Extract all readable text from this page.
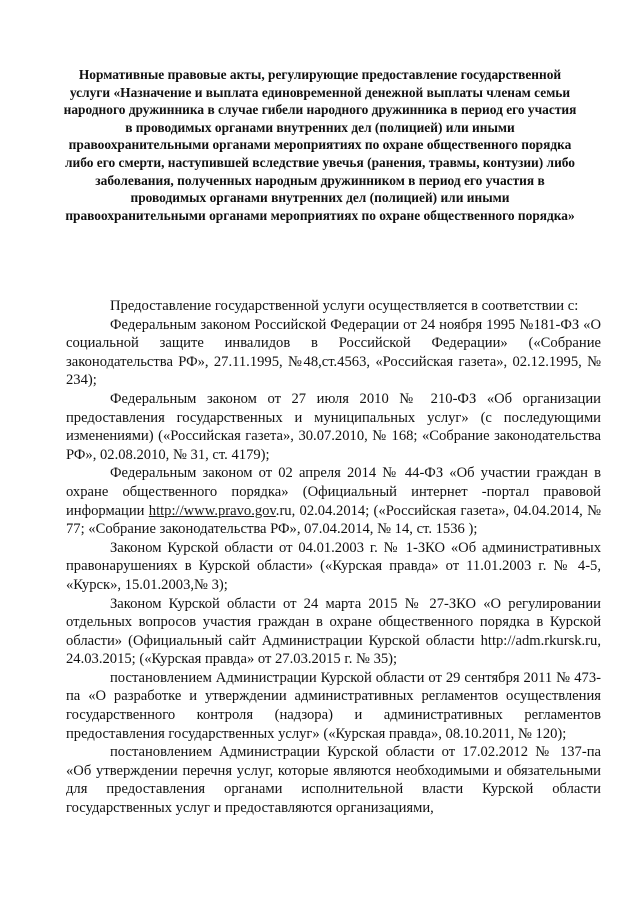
Нормативные правовые акты, регулирующие предоставление государственной услуги «Назначение и выплата единовременной денежной выплаты членам семьи народного дружинника в случае гибели народного дружинника в период его участия в проводимых органами внутренних дел (полицией) или иными правоохранительными органами мероприятиях по охране общественного порядка либо его смерти, наступившей вследствие увечья (ранения, травмы, контузии) либо заболевания, полученных народным дружинником в период его участия в проводимых органами внутренних дел (полицией) или иными правоохранительными органами мероприятиях по охране общественного порядка»

Предоставление государственной услуги осуществляется в соответствии с:

Федеральным законом Российской Федерации от 24 ноября 1995 №181-ФЗ «О социальной защите инвалидов в Российской Федерации» («Собрание законодательства РФ», 27.11.1995, №48,ст.4563, «Российская газета», 02.12.1995, № 234);

Федеральным законом от 27 июля 2010 № 210-ФЗ «Об организации предоставления государственных и муниципальных услуг» (с последующими изменениями) («Российская газета», 30.07.2010, № 168; «Собрание законодательства РФ», 02.08.2010, № 31, ст. 4179);

Федеральным законом от 02 апреля 2014 № 44-ФЗ «Об участии граждан в охране общественного порядка» (Официальный интернет -портал правовой информации http://www.pravo.gov.ru, 02.04.2014; («Российская газета», 04.04.2014, № 77; «Собрание законодательства РФ», 07.04.2014, № 14, ст. 1536 );

Законом Курской области от 04.01.2003 г. № 1-ЗКО «Об административных правонарушениях в Курской области» («Курская правда» от 11.01.2003 г. № 4-5, «Курск», 15.01.2003,№ 3);

Законом Курской области от 24 марта 2015 № 27-ЗКО «О регулировании отдельных вопросов участия граждан в охране общественного порядка в Курской области» (Официальный сайт Администрации Курской области http://adm.rkursk.ru, 24.03.2015; («Курская правда» от 27.03.2015 г. № 35);

постановлением Администрации Курской области от 29 сентября 2011 № 473-па «О разработке и утверждении административных регламентов осуществления государственного контроля (надзора) и административных регламентов предоставления государственных услуг» («Курская правда», 08.10.2011, № 120);

постановлением Администрации Курской области от 17.02.2012 № 137-па «Об утверждении перечня услуг, которые являются необходимыми и обязательными для предоставления органами исполнительной власти Курской области государственных услуг и предоставляются организациями,
